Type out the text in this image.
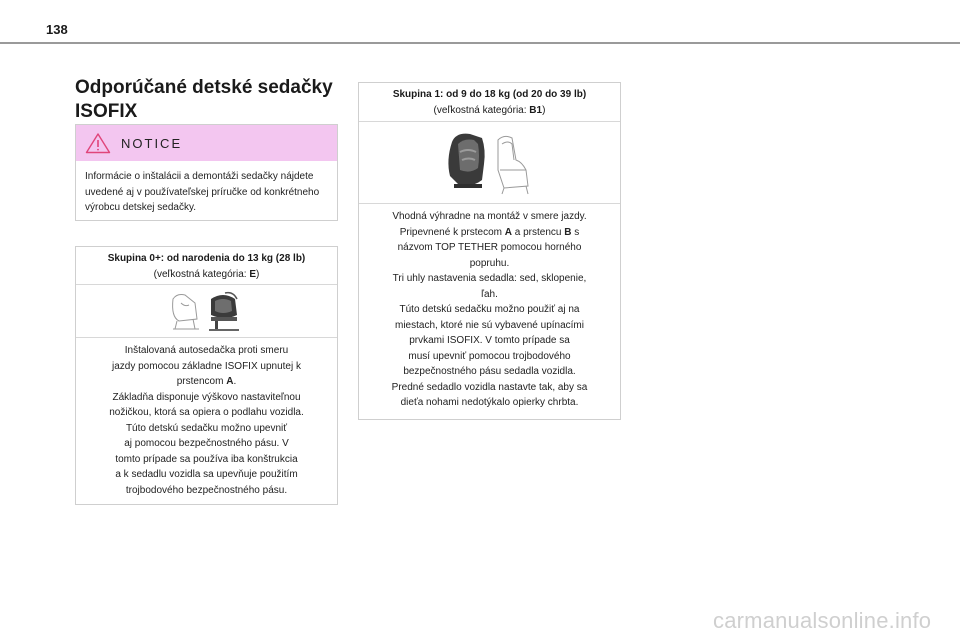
138
Odporúčané detské sedačky
ISOFIX
NOTICE
Informácie o inštalácii a demontáži sedačky nájdete uvedené aj v používateľskej príručke od konkrétneho výrobcu detskej sedačky.
Skupina 0+: od narodenia do 13 kg (28 lb)
(veľkostná kategória: E)
Inštalovaná autosedačka proti smeru
jazdy pomocou základne ISOFIX upnutej k
prstencom A.
Základňa disponuje výškovo nastaviteľnou
nožičkou, ktorá sa opiera o podlahu vozidla.
Túto detskú sedačku možno upevniť
aj pomocou bezpečnostného pásu. V
tomto prípade sa používa iba konštrukcia
a k sedadlu vozidla sa upevňuje použitím
trojbodového bezpečnostného pásu.
Skupina 1: od 9 do 18 kg (od 20 do 39 lb)
(veľkostná kategória: B1)
Vhodná výhradne na montáž v smere jazdy.
Pripevnené k prstecom A a prstencu B s
názvom TOP TETHER pomocou horného
popruhu.
Tri uhly nastavenia sedadla: sed, sklopenie,
ľah.
Túto detskú sedačku možno použiť aj na
miestach, ktoré nie sú vybavené upínacími
prvkami ISOFIX. V tomto prípade sa
musí upevniť pomocou trojbodového
bezpečnostného pásu sedadla vozidla.
Predné sedadlo vozidla nastavte tak, aby sa
dieťa nohami nedotýkalo opierky chrbta.
carmanualsonline.info
